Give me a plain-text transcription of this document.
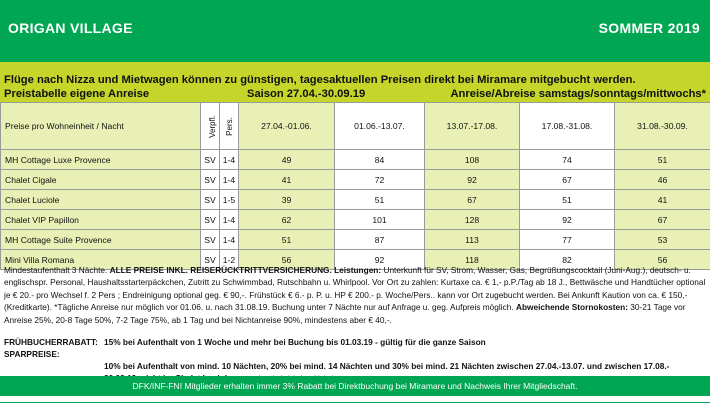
ORIGAN VILLAGE	SOMMER 2019
Flüge nach Nizza und Mietwagen können zu günstigen, tagesaktuellen Preisen direkt bei Miramare mitgebucht werden.
Preistabelle eigene Anreise	Saison 27.04.-30.09.19	Anreise/Abreise samstags/sonntags/mittwochs*
Preise pro Wohneinheit / Nacht	Verpfl.	Pers.	27.04.-01.06.	01.06.-13.07.	13.07.-17.08.	17.08.-31.08.	31.08.-30.09.
MH Cottage Luxe Provence	SV	1-4	49	84	108	74	51
Chalet Cigale	SV	1-4	41	72	92	67	46
Chalet Luciole	SV	1-5	39	51	67	51	41
Chalet VIP Papillon	SV	1-4	62	101	128	92	67
MH Cottage Suite Provence	SV	1-4	51	87	113	77	53
Mini Villa Romana	SV	1-2	56	92	118	82	56
Mindestaufenthalt 3 Nächte. ALLE PREISE INKL. REISERÜCKTRITTVERSICHERUNG. Leistungen: Unterkunft für SV, Strom, Wasser, Gas, Begrüßungscocktail (Juni-Aug.), deutsch- u. englischspr. Personal, Haushaltsstarterpäckchen, Zutritt zu Schwimmbad, Rutschbahn u. Whirlpool. Vor Ort zu zahlen: Kurtaxe ca. € 1,- p.P./Tag ab 18 J., Bettwäsche und Handtücher optional je € 20.- pro Wechsel f. 2 Pers ; Endreinigung optional geg. € 90,-. Frühstück € 6.- p. P. u. HP € 200.- p. Woche/Pers.. kann vor Ort zugebucht werden. Bei Ankunft Kaution von ca. € 150,- (Kreditkarte). *Tägliche Anreise nur möglich vor 01.06. u. nach 31.08.19. Buchung unter 7 Nächte nur auf Anfrage u. geg. Aufpreis möglich. Abweichende Stornokosten: 30-21 Tage vor Anreise 25%, 20-8 Tage 50%, 7-2 Tage 75%, ab 1 Tag und bei Nichtanreise 90%, mindestens aber € 40,-.
FRÜHBUCHERRABATT: 15% bei Aufenthalt von 1 Woche und mehr bei Buchung bis 01.03.19 - gültig für die ganze Saison
SPARPREISE:
10% bei Aufenthalt von mind. 10 Nächten, 20% bei mind. 14 Nächten und 30% bei mind. 21 Nächten zwischen 27.04.-13.07. und zwischen 17.08.-
DFK/INF-FNI Mitglieder erhalten immer 3% Rabatt bei Direktbuchung bei Miramare und Nachweis Ihrer Mitgliedschaft.
